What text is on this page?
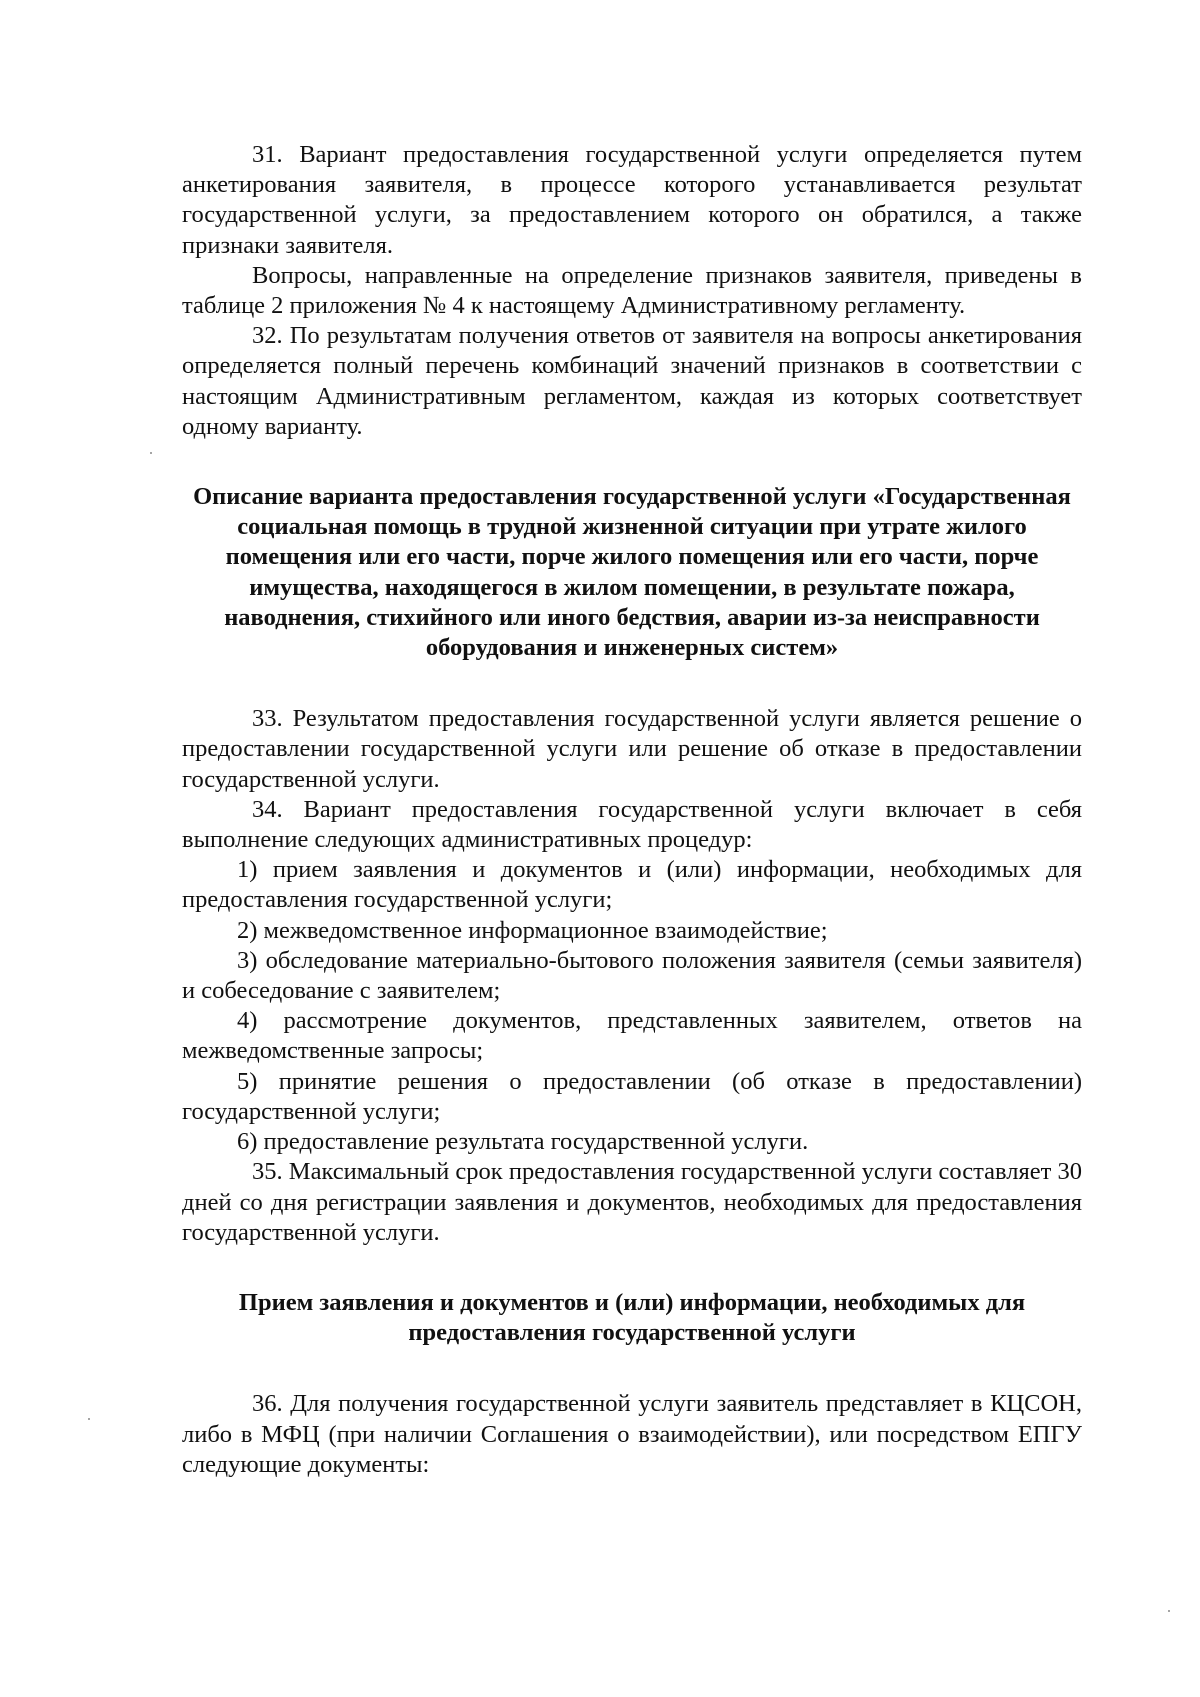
31. Вариант предоставления государственной услуги определяется путем анкетирования заявителя, в процессе которого устанавливается результат государственной услуги, за предоставлением которого он обратился, а также признаки заявителя.

Вопросы, направленные на определение признаков заявителя, приведены в таблице 2 приложения № 4 к настоящему Административному регламенту.

32. По результатам получения ответов от заявителя на вопросы анкетирования определяется полный перечень комбинаций значений признаков в соответствии с настоящим Административным регламентом, каждая из которых соответствует одному варианту.

Описание варианта предоставления государственной услуги «Государственная социальная помощь в трудной жизненной ситуации при утрате жилого помещения или его части, порче жилого помещения или его части, порче имущества, находящегося в жилом помещении, в результате пожара, наводнения, стихийного или иного бедствия, аварии из-за неисправности оборудования и инженерных систем»

33. Результатом предоставления государственной услуги является решение о предоставлении государственной услуги или решение об отказе в предоставлении государственной услуги.

34. Вариант предоставления государственной услуги включает в себя выполнение следующих административных процедур:

1) прием заявления и документов и (или) информации, необходимых для предоставления государственной услуги;

2) межведомственное информационное взаимодействие;

3) обследование материально-бытового положения заявителя (семьи заявителя) и собеседование с заявителем;

4) рассмотрение документов, представленных заявителем, ответов на межведомственные запросы;

5) принятие решения о предоставлении (об отказе в предоставлении) государственной услуги;

6) предоставление результата государственной услуги.

35. Максимальный срок предоставления государственной услуги составляет 30 дней со дня регистрации заявления и документов, необходимых для предоставления государственной услуги.

Прием заявления и документов и (или) информации, необходимых для предоставления государственной услуги

36. Для получения государственной услуги заявитель представляет в КЦСОН, либо в МФЦ (при наличии Соглашения о взаимодействии), или посредством ЕПГУ следующие документы:
